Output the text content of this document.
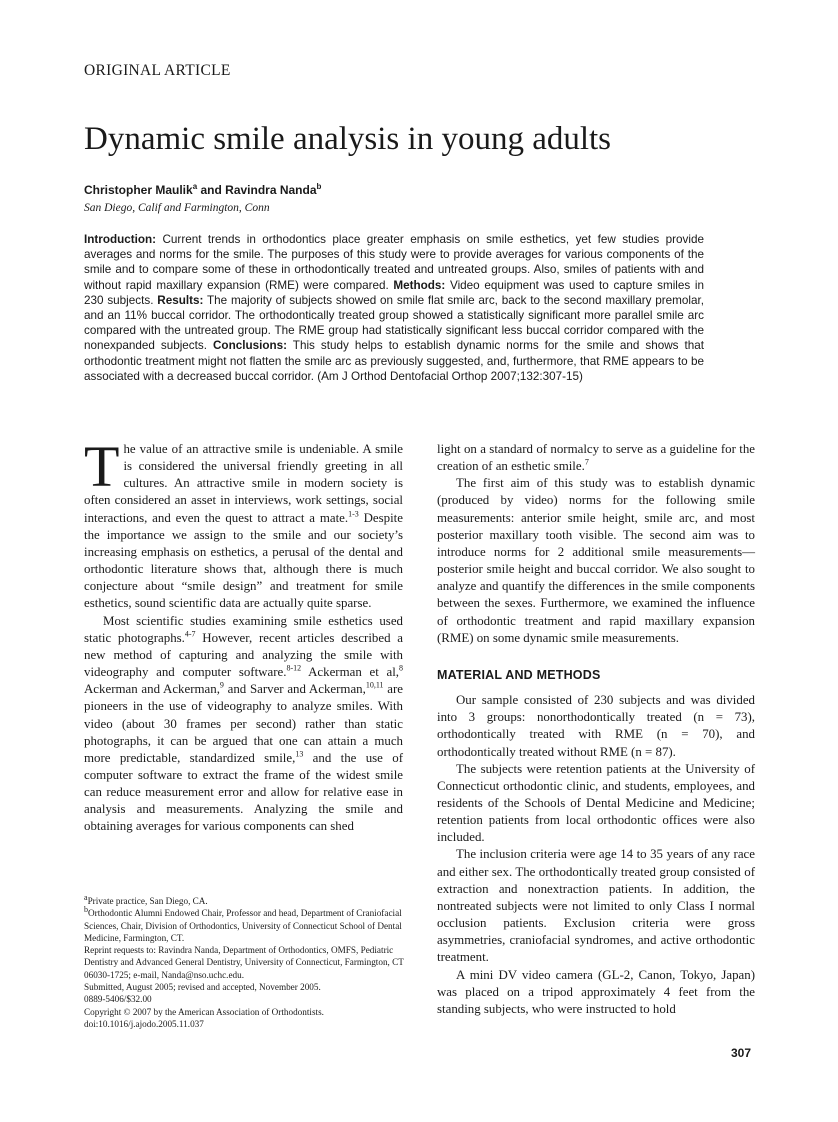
ORIGINAL ARTICLE
Dynamic smile analysis in young adults
Christopher Maulik$^a$ and Ravindra Nanda$^b$
San Diego, Calif and Farmington, Conn
Introduction: Current trends in orthodontics place greater emphasis on smile esthetics, yet few studies provide averages and norms for the smile. The purposes of this study were to provide averages for various components of the smile and to compare some of these in orthodontically treated and untreated groups. Also, smiles of patients with and without rapid maxillary expansion (RME) were compared. Methods: Video equipment was used to capture smiles in 230 subjects. Results: The majority of subjects showed on smile flat smile arc, back to the second maxillary premolar, and an 11% buccal corridor. The orthodontically treated group showed a statistically significant more parallel smile arc compared with the untreated group. The RME group had statistically significant less buccal corridor compared with the nonexpanded subjects. Conclusions: This study helps to establish dynamic norms for the smile and shows that orthodontic treatment might not flatten the smile arc as previously suggested, and, furthermore, that RME appears to be associated with a decreased buccal corridor. (Am J Orthod Dentofacial Orthop 2007;132:307-15)

The value of an attractive smile is undeniable. A smile is considered the universal friendly greeting in all cultures. An attractive smile in modern society is often considered an asset in interviews, work settings, social interactions, and even the quest to attract a mate.$^{1-3}$ Despite the importance we assign to the smile and our society’s increasing emphasis on esthetics, a perusal of the dental and orthodontic literature shows that, although there is much conjecture about “smile design” and treatment for smile esthetics, sound scientific data are actually quite sparse.

Most scientific studies examining smile esthetics used static photographs.$^{4-7}$ However, recent articles described a new method of capturing and analyzing the smile with videography and computer software.$^{8-12}$ Ackerman et al,$^8$ Ackerman and Ackerman,$^9$ and Sarver and Ackerman,$^{10,11}$ are pioneers in the use of videography to analyze smiles. With video (about 30 frames per second) rather than static photographs, it can be argued that one can attain a much more predictable, standardized smile,$^{13}$ and the use of computer software to extract the frame of the widest smile can reduce measurement error and allow for relative ease in analysis and measurements. Analyzing the smile and obtaining averages for various components can shed

light on a standard of normalcy to serve as a guideline for the creation of an esthetic smile.$^7$

The first aim of this study was to establish dynamic (produced by video) norms for the following smile measurements: anterior smile height, smile arc, and most posterior maxillary tooth visible. The second aim was to introduce norms for 2 additional smile measurements—posterior smile height and buccal corridor. We also sought to analyze and quantify the differences in the smile components between the sexes. Furthermore, we examined the influence of orthodontic treatment and rapid maxillary expansion (RME) on some dynamic smile measurements.

MATERIAL AND METHODS

Our sample consisted of 230 subjects and was divided into 3 groups: nonorthodontically treated (n = 73), orthodontically treated with RME (n = 70), and orthodontically treated without RME (n = 87).

The subjects were retention patients at the University of Connecticut orthodontic clinic, and students, employees, and residents of the Schools of Dental Medicine and Medicine; retention patients from local orthodontic offices were also included.

The inclusion criteria were age 14 to 35 years of any race and either sex. The orthodontically treated group consisted of extraction and nonextraction patients. In addition, the nontreated subjects were not limited to only Class I normal occlusion patients. Exclusion criteria were gross asymmetries, craniofacial syndromes, and active orthodontic treatment.

A mini DV video camera (GL-2, Canon, Tokyo, Japan) was placed on a tripod approximately 4 feet from the standing subjects, who were instructed to hold

$^a$Private practice, San Diego, CA.
$^b$Orthodontic Alumni Endowed Chair, Professor and head, Department of Craniofacial Sciences, Chair, Division of Orthodontics, University of Connecticut School of Dental Medicine, Farmington, CT.
Reprint requests to: Ravindra Nanda, Department of Orthodontics, OMFS, Pediatric Dentistry and Advanced General Dentistry, University of Connecticut, Farmington, CT 06030-1725; e-mail, Nanda@nso.uchc.edu.
Submitted, August 2005; revised and accepted, November 2005.
0889-5406/$32.00
Copyright © 2007 by the American Association of Orthodontists.
doi:10.1016/j.ajodo.2005.11.037
307
